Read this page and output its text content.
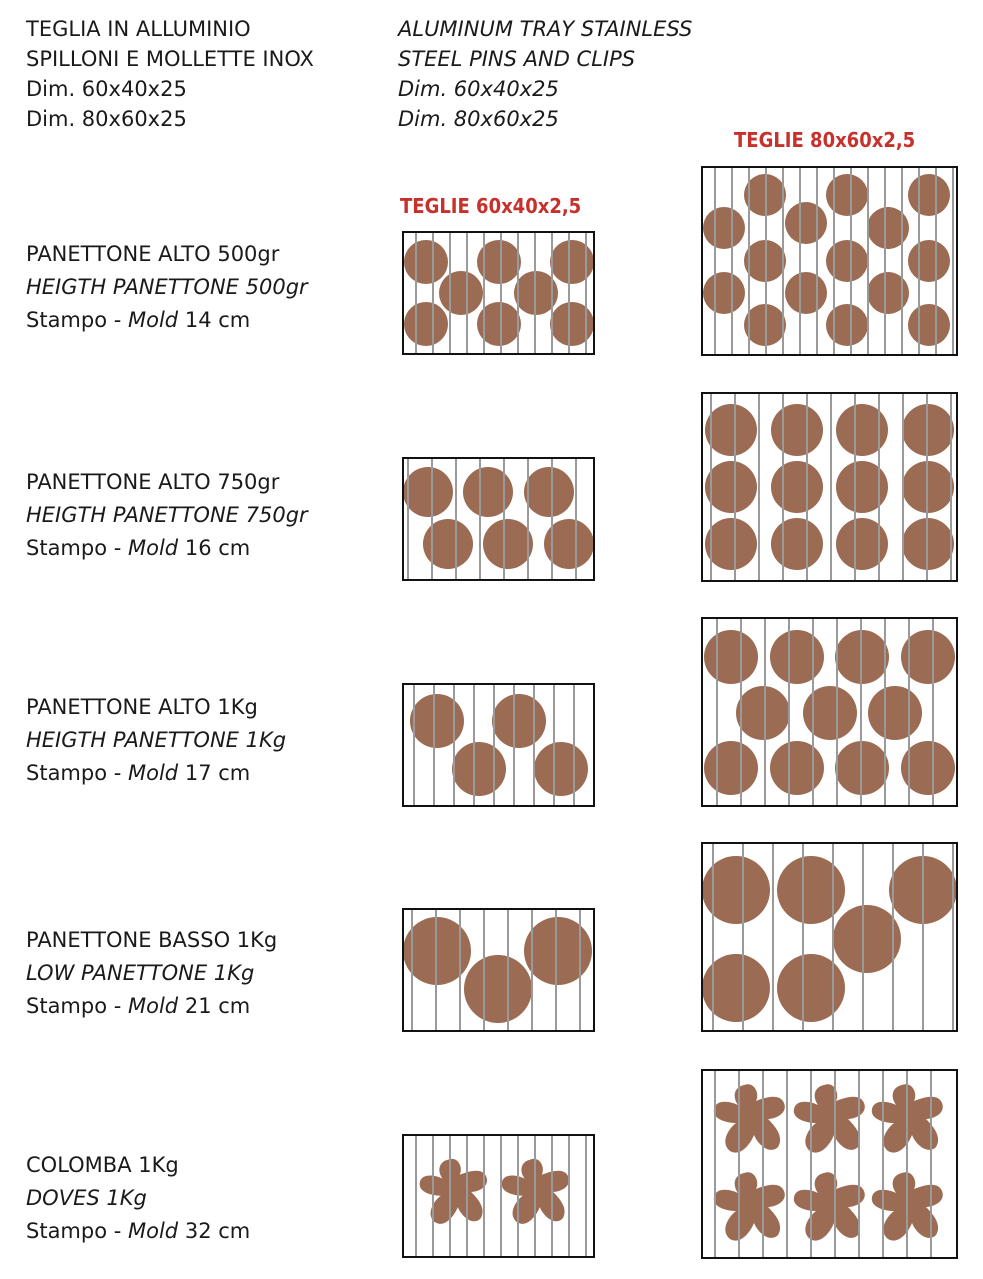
TEGLIA IN ALLUMINIO
SPILLONI E MOLLETTE INOX
Dim. 60x40x25
Dim. 80x60x25
ALUMINUM TRAY STAINLESS
STEEL PINS AND CLIPS
Dim. 60x40x25
Dim. 80x60x25
TEGLIE 80x60x2,5
TEGLIE 60x40x2,5
PANETTONE ALTO 500gr
HEIGTH PANETTONE 500gr
Stampo - Mold 14 cm
PANETTONE ALTO 750gr
HEIGTH PANETTONE 750gr
Stampo - Mold 16 cm
PANETTONE ALTO 1Kg
HEIGTH PANETTONE 1Kg
Stampo - Mold 17 cm
PANETTONE BASSO 1Kg
LOW PANETTONE 1Kg
Stampo - Mold 21 cm
COLOMBA 1Kg
DOVES 1Kg
Stampo - Mold 32 cm
